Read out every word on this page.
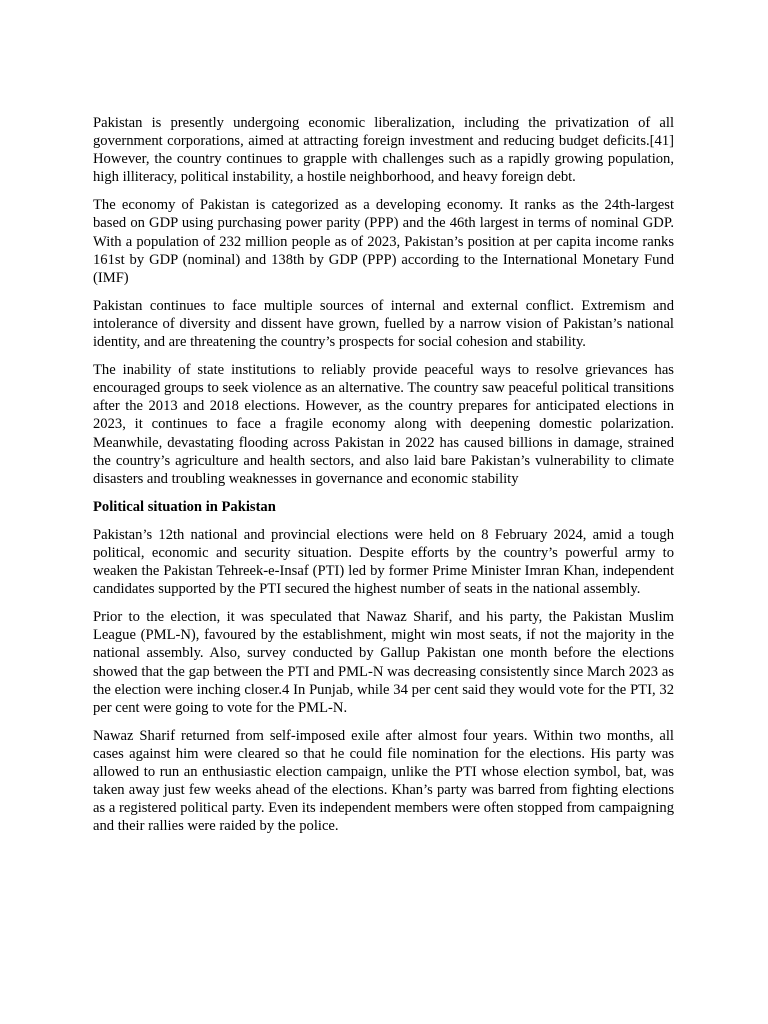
Pakistan is presently undergoing economic liberalization, including the privatization of all government corporations, aimed at attracting foreign investment and reducing budget deficits.[41] However, the country continues to grapple with challenges such as a rapidly growing population, high illiteracy, political instability, a hostile neighborhood, and heavy foreign debt.

The economy of Pakistan is categorized as a developing economy. It ranks as the 24th-largest based on GDP using purchasing power parity (PPP) and the 46th largest in terms of nominal GDP. With a population of 232 million people as of 2023, Pakistan’s position at per capita income ranks 161st by GDP (nominal) and 138th by GDP (PPP) according to the International Monetary Fund (IMF)

Pakistan continues to face multiple sources of internal and external conflict. Extremism and intolerance of diversity and dissent have grown, fuelled by a narrow vision of Pakistan’s national identity, and are threatening the country’s prospects for social cohesion and stability.

The inability of state institutions to reliably provide peaceful ways to resolve grievances has encouraged groups to seek violence as an alternative. The country saw peaceful political transitions after the 2013 and 2018 elections. However, as the country prepares for anticipated elections in 2023, it continues to face a fragile economy along with deepening domestic polarization. Meanwhile, devastating flooding across Pakistan in 2022 has caused billions in damage, strained the country’s agriculture and health sectors, and also laid bare Pakistan’s vulnerability to climate disasters and troubling weaknesses in governance and economic stability

Political situation in Pakistan

Pakistan’s 12th national and provincial elections were held on 8 February 2024, amid a tough political, economic and security situation. Despite efforts by the country’s powerful army to weaken the Pakistan Tehreek-e-Insaf (PTI) led by former Prime Minister Imran Khan, independent candidates supported by the PTI secured the highest number of seats in the national assembly.

Prior to the election, it was speculated that Nawaz Sharif, and his party, the Pakistan Muslim League (PML-N), favoured by the establishment, might win most seats, if not the majority in the national assembly. Also, survey conducted by Gallup Pakistan one month before the elections showed that the gap between the PTI and PML-N was decreasing consistently since March 2023 as the election were inching closer.4 In Punjab, while 34 per cent said they would vote for the PTI, 32 per cent were going to vote for the PML-N.

Nawaz Sharif returned from self-imposed exile after almost four years. Within two months, all cases against him were cleared so that he could file nomination for the elections. His party was allowed to run an enthusiastic election campaign, unlike the PTI whose election symbol, bat, was taken away just few weeks ahead of the elections. Khan’s party was barred from fighting elections as a registered political party. Even its independent members were often stopped from campaigning and their rallies were raided by the police.
